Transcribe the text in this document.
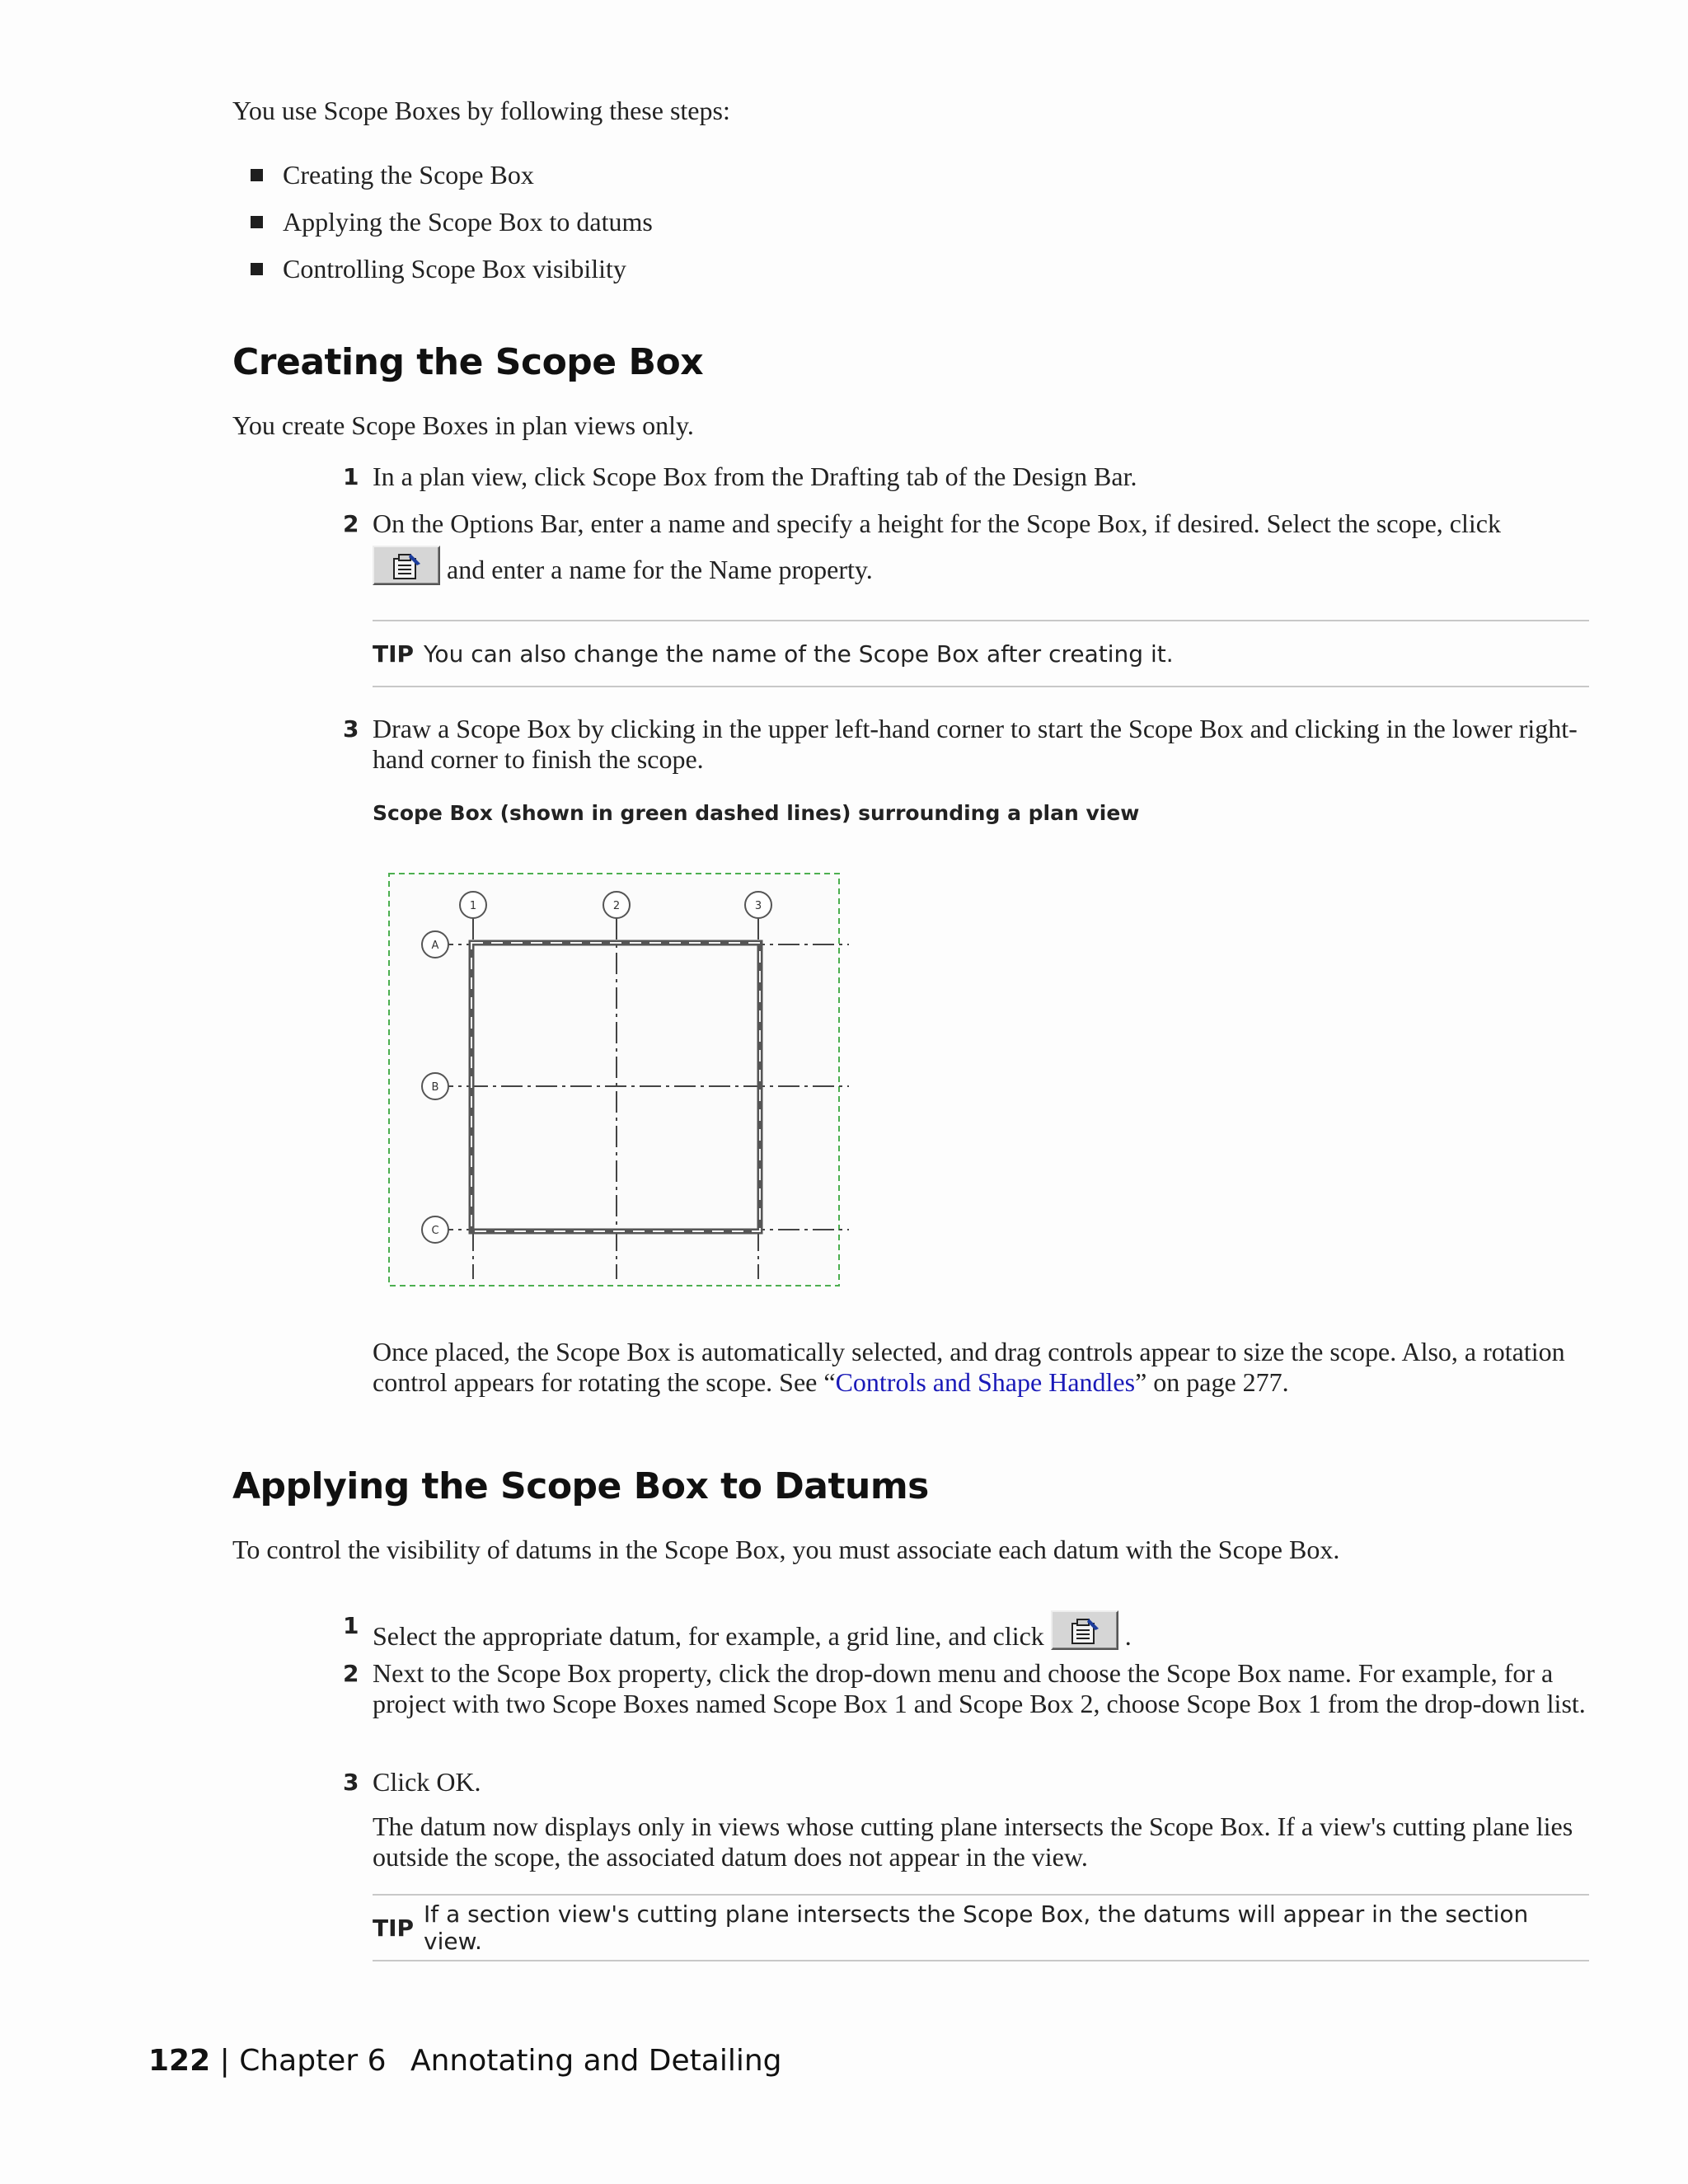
You use Scope Boxes by following these steps:
Creating the Scope Box
Applying the Scope Box to datums
Controlling Scope Box visibility
Creating the Scope Box
You create Scope Boxes in plan views only.
1 In a plan view, click Scope Box from the Drafting tab of the Design Bar.
2 On the Options Bar, enter a name and specify a height for the Scope Box, if desired. Select the scope, click

and enter a name for the Name property.
TIP You can also change the name of the Scope Box after creating it.
3 Draw a Scope Box by clicking in the upper left-hand corner to start the Scope Box and clicking in the lower right-hand corner to finish the scope.
Scope Box (shown in green dashed lines) surrounding a plan view
1	2	3
A
B
C
Once placed, the Scope Box is automatically selected, and drag controls appear to size the scope. Also, a rotation control appears for rotating the scope. See “Controls and Shape Handles” on page 277.
Applying the Scope Box to Datums
To control the visibility of datums in the Scope Box, you must associate each datum with the Scope Box.
1 Select the appropriate datum, for example, a grid line, and click	.
2 Next to the Scope Box property, click the drop-down menu and choose the Scope Box name. For example, for a project with two Scope Boxes named Scope Box 1 and Scope Box 2, choose Scope Box 1 from the drop-down list.
3 Click OK.
The datum now displays only in views whose cutting plane intersects the Scope Box. If a view's cutting plane lies outside the scope, the associated datum does not appear in the view.
TIP If a section view's cutting plane intersects the Scope Box, the datums will appear in the section view.
122 | Chapter 6 Annotating and Detailing
